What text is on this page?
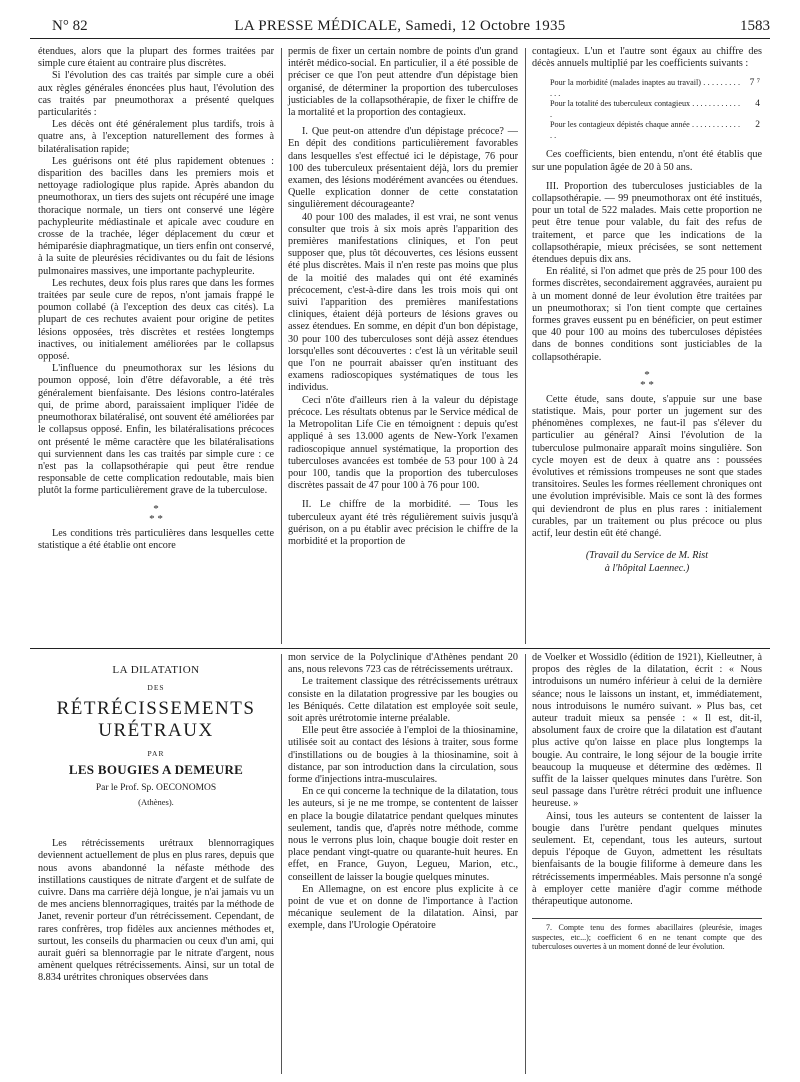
N° 82	LA PRESSE MÉDICALE, Samedi, 12 Octobre 1935	1583

étendues, alors que la plupart des formes traitées par simple cure étaient au contraire plus discrètes.

Si l'évolution des cas traités par simple cure a obéi aux règles générales énoncées plus haut, l'évolution des cas traités par pneumothorax a présenté quelques particularités :

Les décès ont été généralement plus tardifs, trois à quatre ans, à l'exception naturellement des formes à bilatéralisation rapide;

Les guérisons ont été plus rapidement obtenues : disparition des bacilles dans les premiers mois et nettoyage radiologique plus rapide. Après abandon du pneumothorax, un tiers des sujets ont récupéré une image thoracique normale, un tiers ont conservé une légère pachypleurite médiastinale et apicale avec coudure en crosse de la trachée, léger déplacement du cœur et hémiparésie diaphragmatique, un tiers enfin ont conservé, à la suite de pleurésies récidivantes ou du fait de lésions pulmonaires massives, une importante pachypleurite.

Les rechutes, deux fois plus rares que dans les formes traitées par seule cure de repos, n'ont jamais frappé le poumon collabé (à l'exception des deux cas cités). La plupart de ces rechutes avaient pour origine de petites lésions opposées, très discrètes et restées longtemps inactives, ou initialement améliorées par le collapsus opposé.

L'influence du pneumothorax sur les lésions du poumon opposé, loin d'être défavorable, a été très généralement bienfaisante. Des lésions contro-latérales qui, de prime abord, paraissaient impliquer l'idée de pneumothorax bilatéralisé, ont souvent été améliorées par le collapsus opposé. Enfin, les bilatéralisations précoces ont présenté le même caractère que les bilatéralisations qui surviennent dans les cas traités par simple cure : ce n'est pas la collapsothérapie qui peut être rendue responsable de cette complication redoutable, mais bien plutôt la forme particulièrement grave de la tuberculose.

*
* *

Les conditions très particulières dans lesquelles cette statistique a été établie ont encore

permis de fixer un certain nombre de points d'un grand intérêt médico-social. En particulier, il a été possible de préciser ce que l'on peut attendre d'un dépistage bien organisé, de déterminer la proportion des tuberculoses justiciables de la collapsothérapie, de fixer le chiffre de la mortalité et la proportion des contagieux.

I. Que peut-on attendre d'un dépistage précoce? — En dépit des conditions particulièrement favorables dans lesquelles s'est effectué ici le dépistage, 76 pour 100 des tuberculeux présentaient déjà, lors du premier examen, des lésions modérément avancées ou étendues. Quelle explication donner de cette constatation singulièrement décourageante?

40 pour 100 des malades, il est vrai, ne sont venus consulter que trois à six mois après l'apparition des premières manifestations cliniques, et l'on peut supposer que, plus tôt découvertes, ces lésions eussent été plus discrètes. Mais il n'en reste pas moins que plus de la moitié des malades qui ont été examinés précocement, c'est-à-dire dans les trois mois qui ont suivi l'apparition des premières manifestations cliniques, étaient déjà porteurs de lésions graves ou assez étendues. En somme, en dépit d'un bon dépistage, 30 pour 100 des tuberculoses sont déjà assez étendues lorsqu'elles sont découvertes : c'est là un véritable seuil que l'on ne pourrait abaisser qu'en instituant des examens radioscopiques systématiques de tous les individus.

Ceci n'ôte d'ailleurs rien à la valeur du dépistage précoce. Les résultats obtenus par le Service médical de la Metropolitan Life Cie en témoignent : depuis qu'est appliqué à ses 13.000 agents de New-York l'examen radioscopique annuel systématique, la proportion des tuberculoses avancées est tombée de 53 pour 100 à 24 pour 100, tandis que la proportion des tuberculoses discrètes passait de 47 pour 100 à 76 pour 100.

II. Le chiffre de la morbidité. — Tous les tuberculeux ayant été très régulièrement suivis jusqu'à guérison, on a pu établir avec précision le chiffre de la morbidité et la proportion de

contagieux. L'un et l'autre sont égaux au chiffre des décès annuels multiplié par les coefficients suivants :

Pour la morbidité (malades inaptes au travail) . . . . . . . . . . . .
7 ⁷
Pour la totalité des tuberculeux contagieux . . . . . . . . . . . . .
4
Pour les contagieux dépistés chaque année . . . . . . . . . . . . . .
2

Ces coefficients, bien entendu, n'ont été établis que sur une population âgée de 20 à 50 ans.

III. Proportion des tuberculoses justiciables de la collapsothérapie. — 99 pneumothorax ont été institués, pour un total de 522 malades. Mais cette proportion ne peut être tenue pour valable, du fait des refus de traitement, et parce que les indications de la collapsothérapie, mieux précisées, se sont nettement étendues depuis dix ans.

En réalité, si l'on admet que près de 25 pour 100 des formes discrètes, secondairement aggravées, auraient pu à un moment donné de leur évolution être traitées par un pneumothorax; si l'on tient compte que certaines formes graves eussent pu en bénéficier, on peut estimer que 40 pour 100 au moins des tuberculoses dépistées dans de bonnes conditions sont justiciables de la collapsothérapie.

*
* *

Cette étude, sans doute, s'appuie sur une base statistique. Mais, pour porter un jugement sur des phénomènes complexes, ne faut-il pas s'élever du particulier au général? Ainsi l'évolution de la tuberculose pulmonaire apparaît moins singulière. Son cycle moyen est de deux à quatre ans : poussées évolutives et rémissions trompeuses ne sont que stades transitoires. Seules les formes réellement chroniques ont une évolution imprévisible. Mais ce sont là des formes qui deviendront de plus en plus rares : initialement curables, par un traitement ou plus précoce ou plus actif, leur destin eût été changé.

(Travail du Service de M. Rist
à l'hôpital Laennec.)
LA DILATATION
DES
RÉTRÉCISSEMENTS
URÉTRAUX
PAR
LES BOUGIES A DEMEURE
Par le Prof. Sp. OECONOMOS
(Athènes).

Les rétrécissements urétraux blennorragiques deviennent actuellement de plus en plus rares, depuis que nous avons abandonné la néfaste méthode des instillations caustiques de nitrate d'argent et de sulfate de cuivre. Dans ma carrière déjà longue, je n'ai jamais vu un de mes anciens blennorragiques, traités par la méthode de Janet, revenir porteur d'un rétrécissement. Cependant, de rares confrères, trop fidèles aux anciennes méthodes et, surtout, les conseils du pharmacien ou ceux d'un ami, qui aurait guéri sa blennorragie par le nitrate d'argent, nous amènent quelques rétrécissements. Ainsi, sur un total de 8.834 urétrites chroniques observées dans

mon service de la Polyclinique d'Athènes pendant 20 ans, nous relevons 723 cas de rétrécissements urétraux.

Le traitement classique des rétrécissements urétraux consiste en la dilatation progressive par les bougies ou les Béniqués. Cette dilatation est employée soit seule, soit après urétrotomie interne préalable.

Elle peut être associée à l'emploi de la thiosinamine, utilisée soit au contact des lésions à traiter, sous forme d'instillations ou de bougies à la thiosinamine, soit à distance, par son introduction dans la circulation, sous forme d'injections intra-musculaires.

En ce qui concerne la technique de la dilatation, tous les auteurs, si je ne me trompe, se contentent de laisser en place la bougie dilatatrice pendant quelques minutes seulement, tandis que, d'après notre méthode, comme nous le verrons plus loin, chaque bougie doit rester en place pendant vingt-quatre ou quarante-huit heures. En effet, en France, Guyon, Legueu, Marion, etc., conseillent de laisser la bougie quelques minutes.

En Allemagne, on est encore plus explicite à ce point de vue et on donne de l'importance à l'action mécanique seulement de la dilatation. Ainsi, par exemple, dans l'Urologie Opératoire

de Voelker et Wossidlo (édition de 1921), Kielleutner, à propos des règles de la dilatation, écrit : « Nous introduisons un numéro inférieur à celui de la dernière séance; nous le laissons un instant, et, immédiatement, nous introduisons le numéro suivant. » Plus bas, cet auteur traduit mieux sa pensée : « Il est, dit-il, absolument faux de croire que la dilatation est d'autant plus active qu'on laisse en place plus longtemps la bougie. Au contraire, le long séjour de la bougie irrite beaucoup la muqueuse et détermine des œdèmes. Il suffit de la laisser quelques minutes dans l'urètre. Son seul passage dans l'urètre rétréci produit une influence heureuse. »

Ainsi, tous les auteurs se contentent de laisser la bougie dans l'urètre pendant quelques minutes seulement. Et, cependant, tous les auteurs, surtout depuis l'époque de Guyon, admettent les résultats bienfaisants de la bougie filiforme à demeure dans les rétrécissements imperméables. Mais personne n'a songé à employer cette manière d'agir comme méthode thérapeutique autonome.

7. Compte tenu des formes abacillaires (pleurésie, images suspectes, etc...); coefficient 6 en ne tenant compte que des tuberculoses ouvertes à un moment donné de leur évolution.
